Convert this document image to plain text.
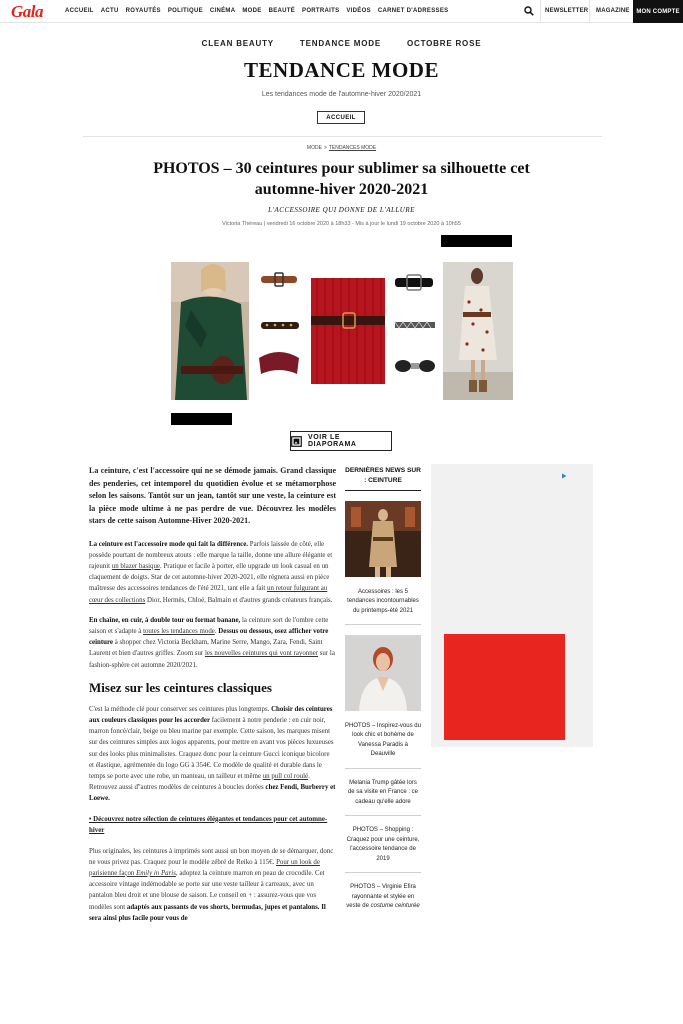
Gala	ACCUEIL ACTU ROYAUTÉS POLITIQUE CINÉMA MODE BEAUTÉ PORTRAITS VIDÉOS CARNET D'ADRESSES	NEWSLETTER MAGAZINE	MON COMPTE
CLEAN BEAUTY	TENDANCE MODE	OCTOBRE ROSE
TENDANCE MODE
Les tendances mode de l'automne-hiver 2020/2021
ACCUEIL
MODE > TENDANCES MODE
PHOTOS – 30 ceintures pour sublimer sa silhouette cet automne-hiver 2020-2021
L'ACCESSOIRE QUI DONNE DE L'ALLURE
Victoria Théreau | vendredi 16 octobre 2020 à 18h33 - Mis à jour le lundi 19 octobre 2020 à 10h55
VOIR LE DIAPORAMA

La ceinture, c'est l'accessoire qui ne se démode jamais. Grand classique des penderies, cet intemporel du quotidien évolue et se métamorphose selon les saisons. Tantôt sur un jean, tantôt sur une veste, la ceinture est la pièce mode ultime à ne pas perdre de vue. Découvrez les modèles stars de cette saison Automne-Hiver 2020-2021.

La ceinture est l'accessoire mode qui fait la différence. Parfois laissée de côté, elle possède pourtant de nombreux atouts : elle marque la taille, donne une allure élégante et rajeunit un blazer basique. Pratique et facile à porter, elle upgrade un look casual en un claquement de doigts. Star de cet automne-hiver 2020-2021, elle régnera aussi en pièce maîtresse des accessoires tendances de l'été 2021, tant elle a fait un retour fulgurant au cœur des collections Dior, Hermès, Chloé, Balmain et d'autres grands créateurs français.

En chaîne, en cuir, à double tour ou format banane, la ceinture sort de l'ombre cette saison et s'adapte à toutes les tendances mode. Dessus ou dessous, osez afficher votre ceinture à shopper chez Victoria Beckham, Marine Serre, Mango, Zara, Fendi, Saint Laurent et bien d'autres griffes. Zoom sur les nouvelles ceintures qui vont rayonner sur la fashion-sphère cet automne 2020/2021.

Misez sur les ceintures classiques

C'est la méthode clé pour conserver ses ceintures plus longtemps. Choisir des ceintures aux couleurs classiques pour les accorder facilement à notre penderie : en cuir noir, marron foncé/clair, beige ou bleu marine par exemple. Cette saison, les marques misent sur des ceintures simples aux logos apparents, pour mettre en avant vos pièces luxueuses sur des looks plus minimalistes. Craquez donc pour la ceinture Gucci iconique bicolore et élastique, agrémentée du logo GG à 354€. Ce modèle de qualité et durable dans le temps se porte avec une robe, un manteau, un tailleur et même un pull col roulé. Retrouvez aussi d''autres modèles de ceintures à boucles dorées chez Fendi, Burberry et Loewe.

• Découvrez notre sélection de ceintures élégantes et tendances pour cet automne-hiver

Plus originales, les ceintures à imprimés sont aussi un bon moyen de se démarquer, donc ne vous privez pas. Craquez pour le modèle zébré de Reiko à 115€. Pour un look de parisienne façon Emily in Paris, adoptez la ceinture marron en peau de crocodile. Cet accessoire vintage indémodable se porte sur une veste tailleur à carreaux, avec un pantalon bleu droit et une blouse de saison. Le conseil en + : assurez-vous que vos modèles sont adaptés aux passants de vos shorts, bermudas, jupes et pantalons. Il sera ainsi plus facile pour vous de

DERNIÈRES NEWS SUR : CEINTURE
Accessoires : les 5 tendances incontournables du printemps-été 2021
PHOTOS – Inspirez-vous du look chic et bohème de Vanessa Paradis à Deauville
Melania Trump gâtée lors de sa visite en France : ce cadeau qu'elle adore
PHOTOS – Shopping : Craquez pour une ceinture, l'accessoire tendance de 2019
PHOTOS – Virginie Efira rayonnante et stylée en veste de costume ceinturée
